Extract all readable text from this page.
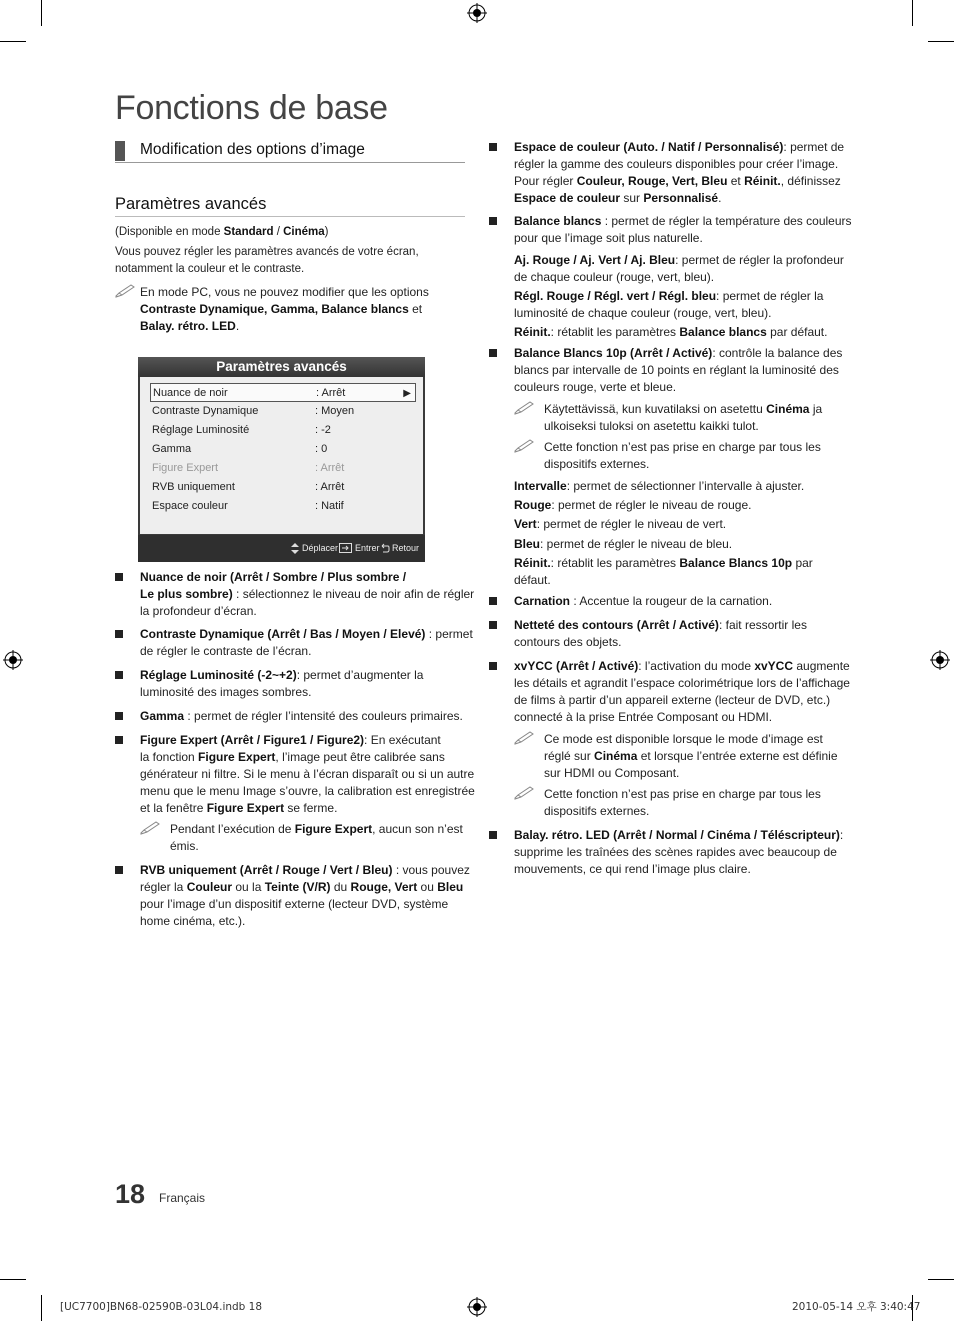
Fonctions de base
Modification des options d’image
Paramètres avancés

(Disponible en mode Standard / Cinéma)

Vous pouvez régler les paramètres avancés de votre écran,

notamment la couleur et le contraste.

En mode PC, vous ne pouvez modifier que les options

Contraste Dynamique, Gamma, Balance blancs et

Balay. rétro. LED.

Paramètres avancés
Nuance de noir	: Arrêt	▶
Contraste Dynamique	: Moyen
Réglage Luminosité	: -2
Gamma	: 0
Figure Expert	: Arrêt
RVB uniquement	: Arrêt
Espace couleur	: Natif
Déplacer Entrer Retour

Nuance de noir (Arrêt / Sombre / Plus sombre /

Le plus sombre) : sélectionnez le niveau de noir afin de régler

la profondeur d’écran.

Contraste Dynamique (Arrêt / Bas / Moyen / Elevé) : permet

de régler le contraste de l’écran.

Réglage Luminosité (-2~+2): permet d’augmenter la

luminosité des images sombres.

Gamma : permet de régler l’intensité des couleurs primaires.

Figure Expert (Arrêt / Figure1 / Figure2): En exécutant

la fonction Figure Expert, l’image peut être calibrée sans

générateur ni filtre. Si le menu à l’écran disparaît ou si un autre

menu que le menu Image s’ouvre, la calibration est enregistrée

et la fenêtre Figure Expert se ferme.

Pendant l’exécution de Figure Expert, aucun son n’est

émis.

RVB uniquement (Arrêt / Rouge / Vert / Bleu) : vous pouvez

régler la Couleur ou la Teinte (V/R) du Rouge, Vert ou Bleu

pour l’image d’un dispositif externe (lecteur DVD, système

home cinéma, etc.).

Espace de couleur (Auto. / Natif / Personnalisé): permet de

régler la gamme des couleurs disponibles pour créer l’image.

Pour régler Couleur, Rouge, Vert, Bleu et Réinit., définissez

Espace de couleur sur Personnalisé.

Balance blancs : permet de régler la température des couleurs

pour que l’image soit plus naturelle.

Aj. Rouge / Aj. Vert / Aj. Bleu: permet de régler la profondeur

de chaque couleur (rouge, vert, bleu).

Régl. Rouge / Régl. vert / Régl. bleu: permet de régler la

luminosité de chaque couleur (rouge, vert, bleu).

Réinit.: rétablit les paramètres Balance blancs par défaut.

Balance Blancs 10p (Arrêt / Activé): contrôle la balance des

blancs par intervalle de 10 points en réglant la luminosité des

couleurs rouge, verte et bleue.

Käytettävissä, kun kuvatilaksi on asetettu Cinéma ja

ulkoiseksi tuloksi on asetettu kaikki tulot.

Cette fonction n’est pas prise en charge par tous les

dispositifs externes.

Intervalle: permet de sélectionner l’intervalle à ajuster.

Rouge: permet de régler le niveau de rouge.

Vert: permet de régler le niveau de vert.

Bleu: permet de régler le niveau de bleu.

Réinit.: rétablit les paramètres Balance Blancs 10p par

défaut.

Carnation : Accentue la rougeur de la carnation.

Netteté des contours (Arrêt / Activé): fait ressortir les

contours des objets.

xvYCC (Arrêt / Activé): l’activation du mode xvYCC augmente

les détails et agrandit l’espace colorimétrique lors de l’affichage

de films à partir d’un appareil externe (lecteur de DVD, etc.)

connecté à la prise Entrée Composant ou HDMI.

Ce mode est disponible lorsque le mode d’image est

réglé sur Cinéma et lorsque l’entrée externe est définie

sur HDMI ou Composant.

Cette fonction n’est pas prise en charge par tous les

dispositifs externes.

Balay. rétro. LED (Arrêt / Normal / Cinéma / Téléscripteur):

supprime les traînées des scènes rapides avec beaucoup de

mouvements, ce qui rend l’image plus claire.

18 Français
[UC7700]BN68-02590B-03L04.indb 18	2010-05-14 오후 3:40:47
